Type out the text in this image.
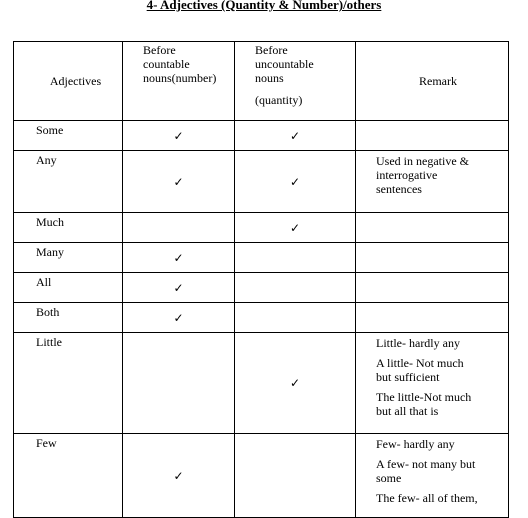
4- Adjectives (Quantity & Number)/others
Adjectives	Before
countable
nouns(number)	Before
uncountable
nouns
(quantity)	Remark
Some	✓	✓	
Any	✓	✓	Used in negative &
interrogative
sentences

Much		✓	
Many	✓		
All	✓		
Both	✓		
Little		✓	Little- hardly any
A little- Not much
but sufficient
The little-Not much
but all that is

Few	✓		Few- hardly any
A few- not many but
some
The few- all of them,
